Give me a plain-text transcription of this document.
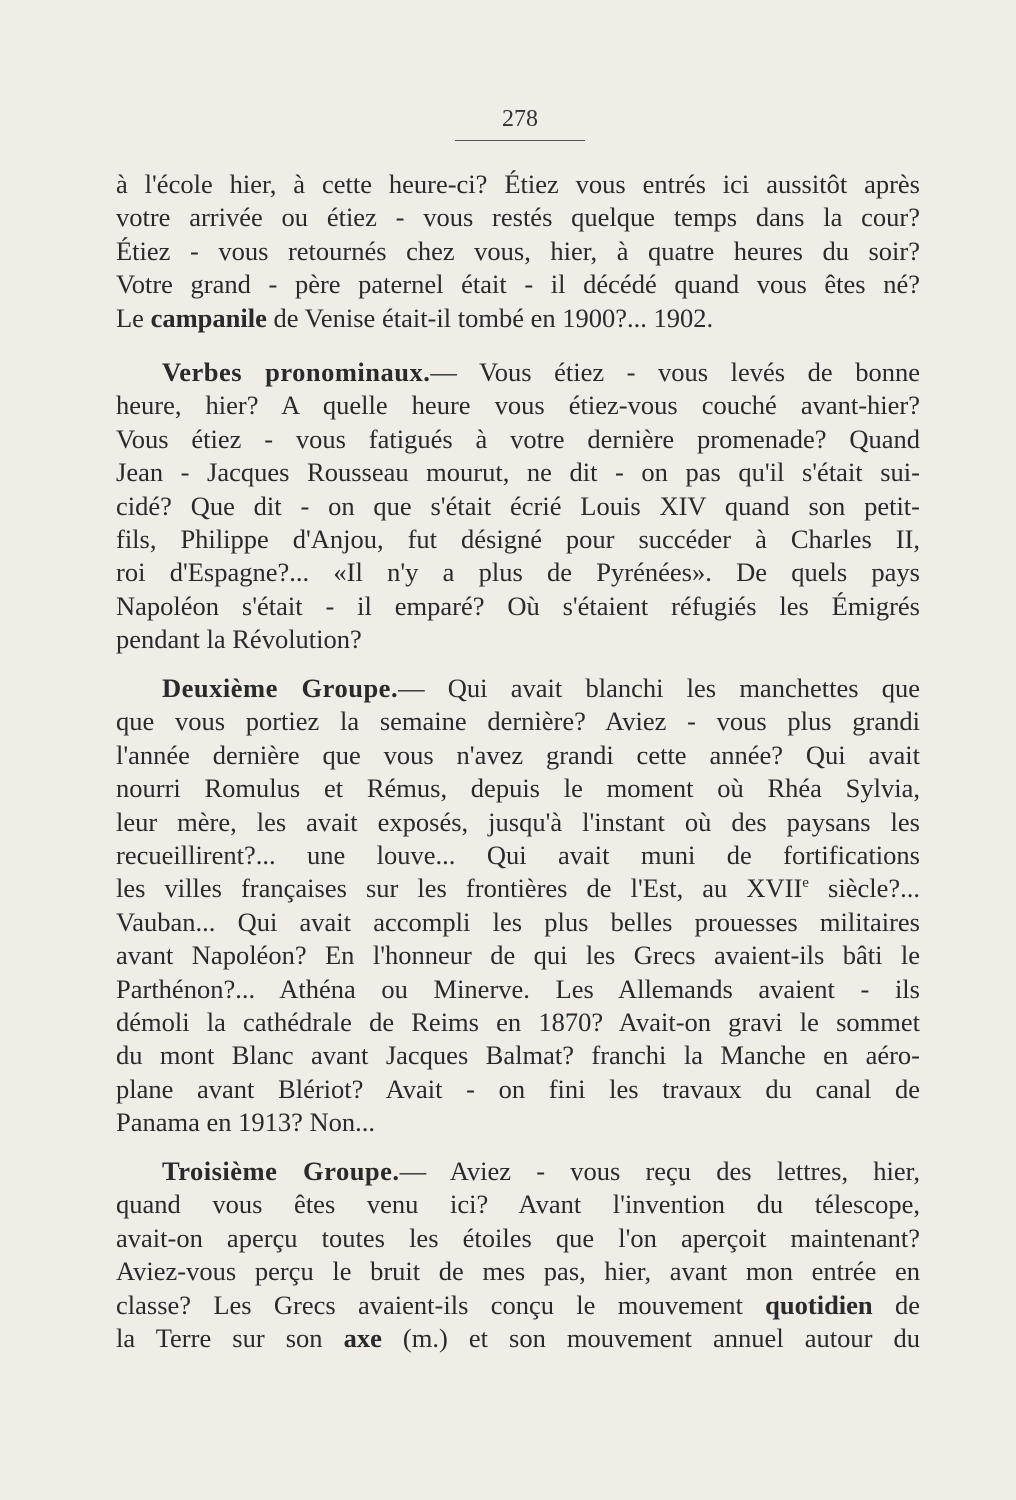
278
à l'école hier, à cette heure-ci? Étiez vous entrés ici aussitôt après
votre arrivée ou étiez - vous restés quelque temps dans la cour?
Étiez - vous retournés chez vous, hier, à quatre heures du soir?
Votre grand - père paternel était - il décédé quand vous êtes né?
Le campanile de Venise était-il tombé en 1900?... 1902.
Verbes pronominaux.— Vous étiez - vous levés de bonne
heure, hier? A quelle heure vous étiez-vous couché avant-hier?
Vous étiez - vous fatigués à votre dernière promenade? Quand
Jean - Jacques Rousseau mourut, ne dit - on pas qu'il s'était sui-
cidé? Que dit - on que s'était écrié Louis XIV quand son petit-
fils, Philippe d'Anjou, fut désigné pour succéder à Charles II,
roi d'Espagne?... «Il n'y a plus de Pyrénées». De quels pays
Napoléon s'était - il emparé? Où s'étaient réfugiés les Émigrés
pendant la Révolution?
Deuxième Groupe.— Qui avait blanchi les manchettes que
que vous portiez la semaine dernière? Aviez - vous plus grandi
l'année dernière que vous n'avez grandi cette année? Qui avait
nourri Romulus et Rémus, depuis le moment où Rhéa Sylvia,
leur mère, les avait exposés, jusqu'à l'instant où des paysans les
recueillirent?... une louve... Qui avait muni de fortifications
les villes françaises sur les frontières de l'Est, au XVIIe siècle?...
Vauban... Qui avait accompli les plus belles prouesses militaires
avant Napoléon? En l'honneur de qui les Grecs avaient-ils bâti le
Parthénon?... Athéna ou Minerve. Les Allemands avaient - ils
démoli la cathédrale de Reims en 1870? Avait-on gravi le sommet
du mont Blanc avant Jacques Balmat? franchi la Manche en aéro-
plane avant Blériot? Avait - on fini les travaux du canal de
Panama en 1913? Non...
Troisième Groupe.— Aviez - vous reçu des lettres, hier,
quand vous êtes venu ici? Avant l'invention du télescope,
avait-on aperçu toutes les étoiles que l'on aperçoit maintenant?
Aviez-vous perçu le bruit de mes pas, hier, avant mon entrée en
classe? Les Grecs avaient-ils conçu le mouvement quotidien de
la Terre sur son axe (m.) et son mouvement annuel autour du
